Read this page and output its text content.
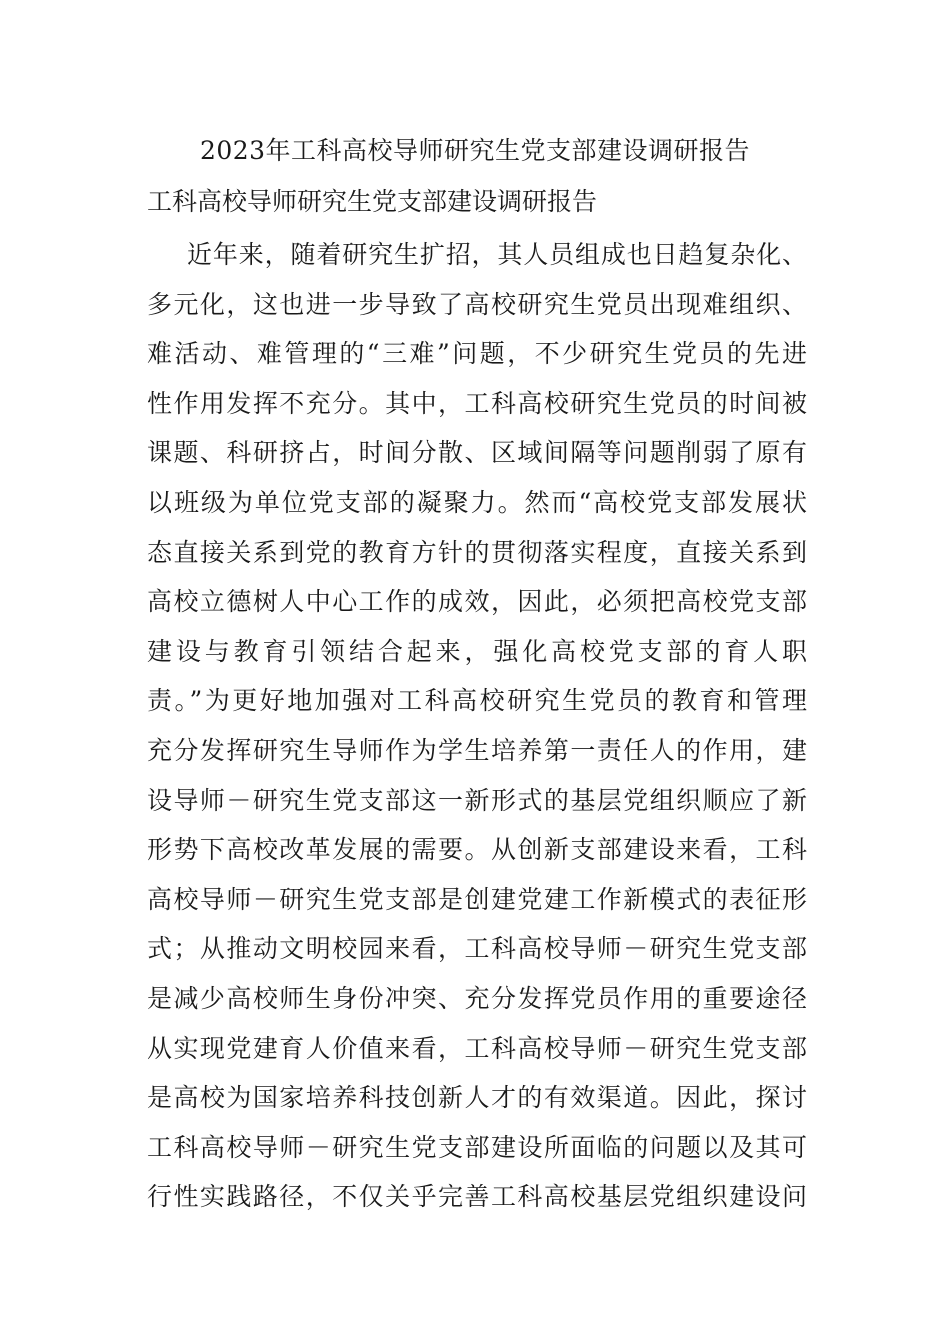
2023年工科高校导师研究生党支部建设调研报告
工科高校导师研究生党支部建设调研报告
近年来，随着研究生扩招，其人员组成也日趋复杂化、
多元化，这也进一步导致了高校研究生党员出现难组织、
难活动、难管理的“三难”问题，不少研究生党员的先进
性作用发挥不充分。其中，工科高校研究生党员的时间被
课题、科研挤占，时间分散、区域间隔等问题削弱了原有
以班级为单位党支部的凝聚力。然而“高校党支部发展状
态直接关系到党的教育方针的贯彻落实程度，直接关系到
高校立德树人中心工作的成效，因此，必须把高校党支部
建设与教育引领结合起来，强化高校党支部的育人职
责。”为更好地加强对工科高校研究生党员的教育和管理
充分发挥研究生导师作为学生培养第一责任人的作用，建
设导师－研究生党支部这一新形式的基层党组织顺应了新
形势下高校改革发展的需要。从创新支部建设来看，工科
高校导师－研究生党支部是创建党建工作新模式的表征形
式；从推动文明校园来看，工科高校导师－研究生党支部
是减少高校师生身份冲突、充分发挥党员作用的重要途径
从实现党建育人价值来看，工科高校导师－研究生党支部
是高校为国家培养科技创新人才的有效渠道。因此，探讨
工科高校导师－研究生党支部建设所面临的问题以及其可
行性实践路径，不仅关乎完善工科高校基层党组织建设问
